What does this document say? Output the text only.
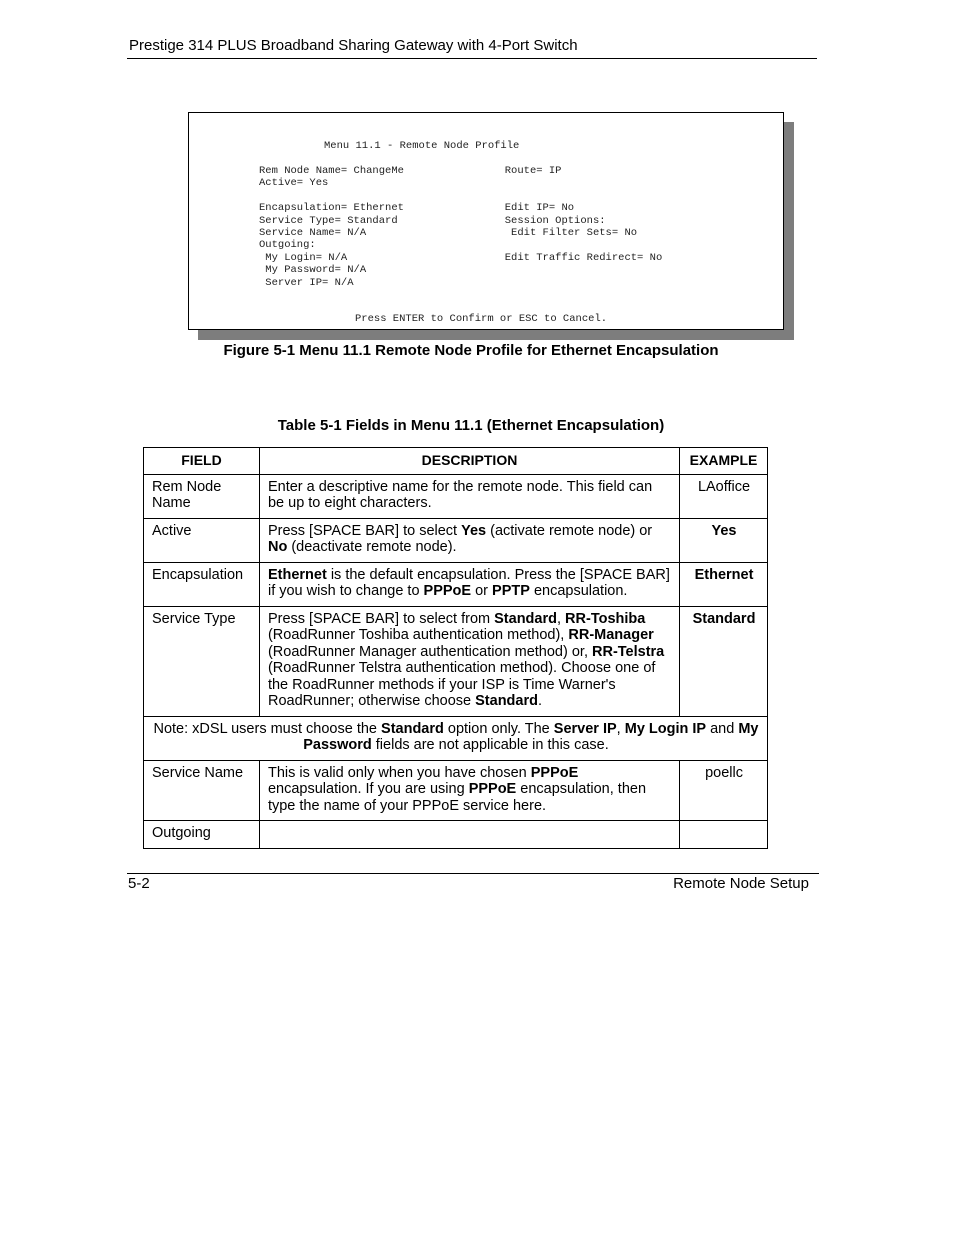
Prestige 314 PLUS Broadband Sharing Gateway with 4-Port Switch
Menu 11.1 - Remote Node Profile
Rem Node Name= ChangeMe                Route= IP
Active= Yes

Encapsulation= Ethernet                Edit IP= No
Service Type= Standard                 Session Options:
Service Name= N/A                       Edit Filter Sets= No
Outgoing:
My Login= N/A                         Edit Traffic Redirect= No
My Password= N/A
Server IP= N/A
Press ENTER to Confirm or ESC to Cancel.
Figure 5-1 Menu 11.1 Remote Node Profile for Ethernet Encapsulation
Table 5-1 Fields in Menu 11.1 (Ethernet Encapsulation)
FIELD	DESCRIPTION	EXAMPLE
Rem Node Name	Enter a descriptive name for the remote node. This field can be up to eight characters.	LAoffice
Active	Press [SPACE BAR] to select Yes (activate remote node) or No (deactivate remote node).	Yes
Encapsulation	Ethernet is the default encapsulation. Press the [SPACE BAR] if you wish to change to PPPoE or PPTP encapsulation.	Ethernet
Service Type	Press [SPACE BAR] to select from Standard, RR-Toshiba (RoadRunner Toshiba authentication method), RR-Manager (RoadRunner Manager authentication method) or, RR-Telstra (RoadRunner Telstra authentication method). Choose one of the RoadRunner methods if your ISP is Time Warner's RoadRunner; otherwise choose Standard.	Standard
Note: xDSL users must choose the Standard option only. The Server IP, My Login IP and My Password fields are not applicable in this case.		
Service Name	This is valid only when you have chosen PPPoE encapsulation. If you are using PPPoE encapsulation, then type the name of your PPPoE service here.	poellc
Outgoing		
5-2	Remote Node Setup
